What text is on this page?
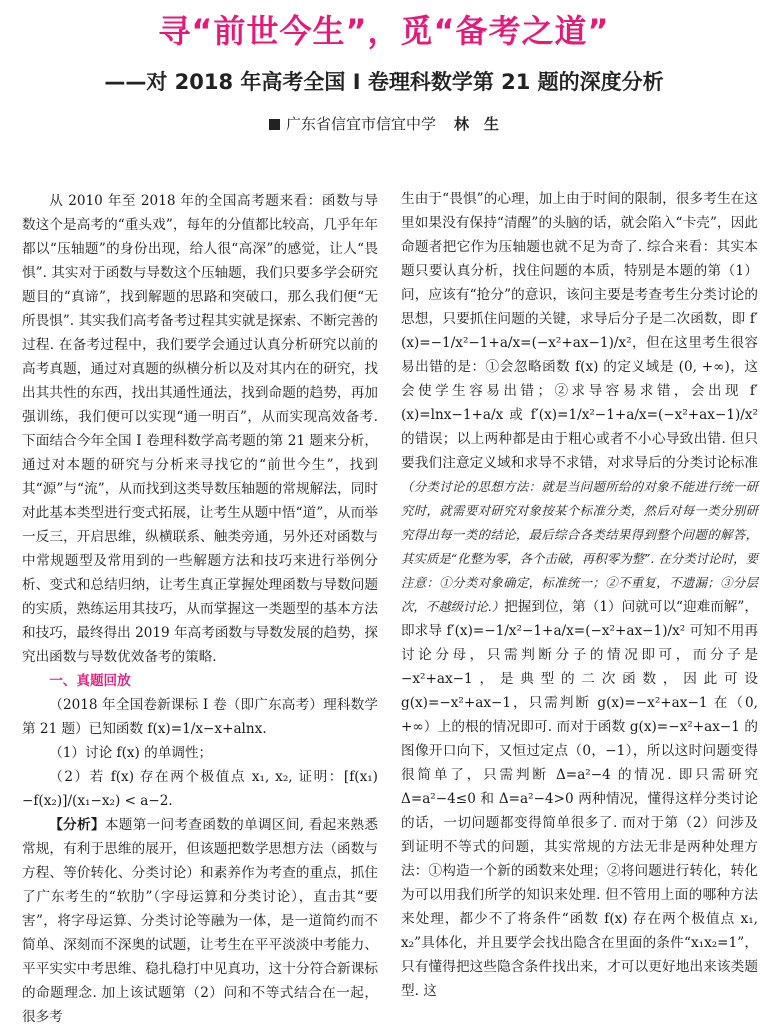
寻“前世今生”，觅“备考之道”
——对 2018 年高考全国 Ⅰ 卷理科数学第 21 题的深度分析
广东省信宜市信宜中学 林　生

从 2010 年至 2018 年的全国高考题来看：函数与导数这个是高考的“重头戏”，每年的分值都比较高，几乎年年都以“压轴题”的身份出现，给人很“高深”的感觉，让人“畏惧”. 其实对于函数与导数这个压轴题，我们只要多学会研究题目的“真谛”，找到解题的思路和突破口，那么我们便“无所畏惧”. 其实我们高考备考过程其实就是探索、不断完善的过程. 在备考过程中，我们要学会通过认真分析研究以前的高考真题，通过对真题的纵横分析以及对其内在的研究，找出其共性的东西，找出其通性通法，找到命题的趋势，再加强训练，我们便可以实现“通一明百”，从而实现高效备考. 下面结合今年全国 Ⅰ 卷理科数学高考题的第 21 题来分析，通过对本题的研究与分析来寻找它的“前世今生”，找到其“源”与“流”，从而找到这类导数压轴题的常规解法，同时对此基本类型进行变式拓展，让考生从题中悟“道”，从而举一反三，开启思维，纵横联系、触类旁通，另外还对函数与中常规题型及常用到的一些解题方法和技巧来进行举例分析、变式和总结归纳，让考生真正掌握处理函数与导数问题的实质，熟练运用其技巧，从而掌握这一类题型的基本方法和技巧，最终得出 2019 年高考函数与导数发展的趋势，探究出函数与导数优效备考的策略.

一、真题回放

（2018 年全国卷新课标 Ⅰ 卷（即广东高考）理科数学第 21 题）已知函数 f(x)=1/x−x+alnx.

（1）讨论 f(x) 的单调性；

（2）若 f(x) 存在两个极值点 x₁, x₂, 证明：[f(x₁)−f(x₂)]/(x₁−x₂) < a−2.

【分析】本题第一问考查函数的单调区间, 看起来熟悉常规，有利于思维的展开，但该题把数学思想方法（函数与方程、等价转化、分类讨论）和素养作为考查的重点，抓住了广东考生的“软肋”（字母运算和分类讨论），直击其“要害”，将字母运算、分类讨论等融为一体，是一道简约而不简单、深刻而不深奥的试题，让考生在平平淡淡中考能力、平平实实中考思维、稳扎稳打中见真功，这十分符合新课标的命题理念. 加上该试题第（2）问和不等式结合在一起，很多考

生由于“畏惧”的心理，加上由于时间的限制，很多考生在这里如果没有保持“清醒”的头脑的话，就会陷入“卡壳”，因此命题者把它作为压轴题也就不足为奇了. 综合来看：其实本题只要认真分析，找住问题的本质，特别是本题的第（1）问，应该有“抢分”的意识，该问主要是考查考生分类讨论的思想，只要抓住问题的关键，求导后分子是二次函数，即 f′(x)=−1/x²−1+a/x=(−x²+ax−1)/x²，但在这里考生很容易出错的是：①会忽略函数 f(x) 的定义域是 (0, +∞)，这会使学生容易出错；②求导容易求错，会出现 f′(x)=lnx−1+a/x 或 f′(x)=1/x²−1+a/x=(−x²+ax−1)/x² 的错误；以上两种都是由于粗心或者不小心导致出错. 但只要我们注意定义域和求导不求错，对求导后的分类讨论标准（分类讨论的思想方法：就是当问题所给的对象不能进行统一研究时，就需要对研究对象按某个标准分类，然后对每一类分别研究得出每一类的结论，最后综合各类结果得到整个问题的解答，其实质是“化整为零，各个击破，再积零为整”. 在分类讨论时，要注意：①分类对象确定，标准统一；②不重复，不遗漏；③分层次，不越级讨论.）把握到位，第（1）问就可以“迎难而解”，即求导 f′(x)=−1/x²−1+a/x=(−x²+ax−1)/x² 可知不用再讨论分母，只需判断分子的情况即可，而分子是 −x²+ax−1，是典型的二次函数，因此可设 g(x)=−x²+ax−1，只需判断 g(x)=−x²+ax−1 在（0, +∞）上的根的情况即可. 而对于函数 g(x)=−x²+ax−1 的图像开口向下，又恒过定点（0，−1），所以这时问题变得很简单了，只需判断 Δ=a²−4 的情况. 即只需研究 Δ=a²−4≤0 和 Δ=a²−4>0 两种情况，懂得这样分类讨论的话，一切问题都变得简单很多了. 而对于第（2）问涉及到证明不等式的问题，其实常规的方法无非是两种处理方法：①构造一个新的函数来处理；②将问题进行转化，转化为可以用我们所学的知识来处理. 但不管用上面的哪种方法来处理，都少不了将条件“函数 f(x) 存在两个极值点 x₁, x₂”具体化，并且要学会找出隐含在里面的条件“x₁x₂=1”，只有懂得把这些隐含条件找出来，才可以更好地出来该类题型. 这
